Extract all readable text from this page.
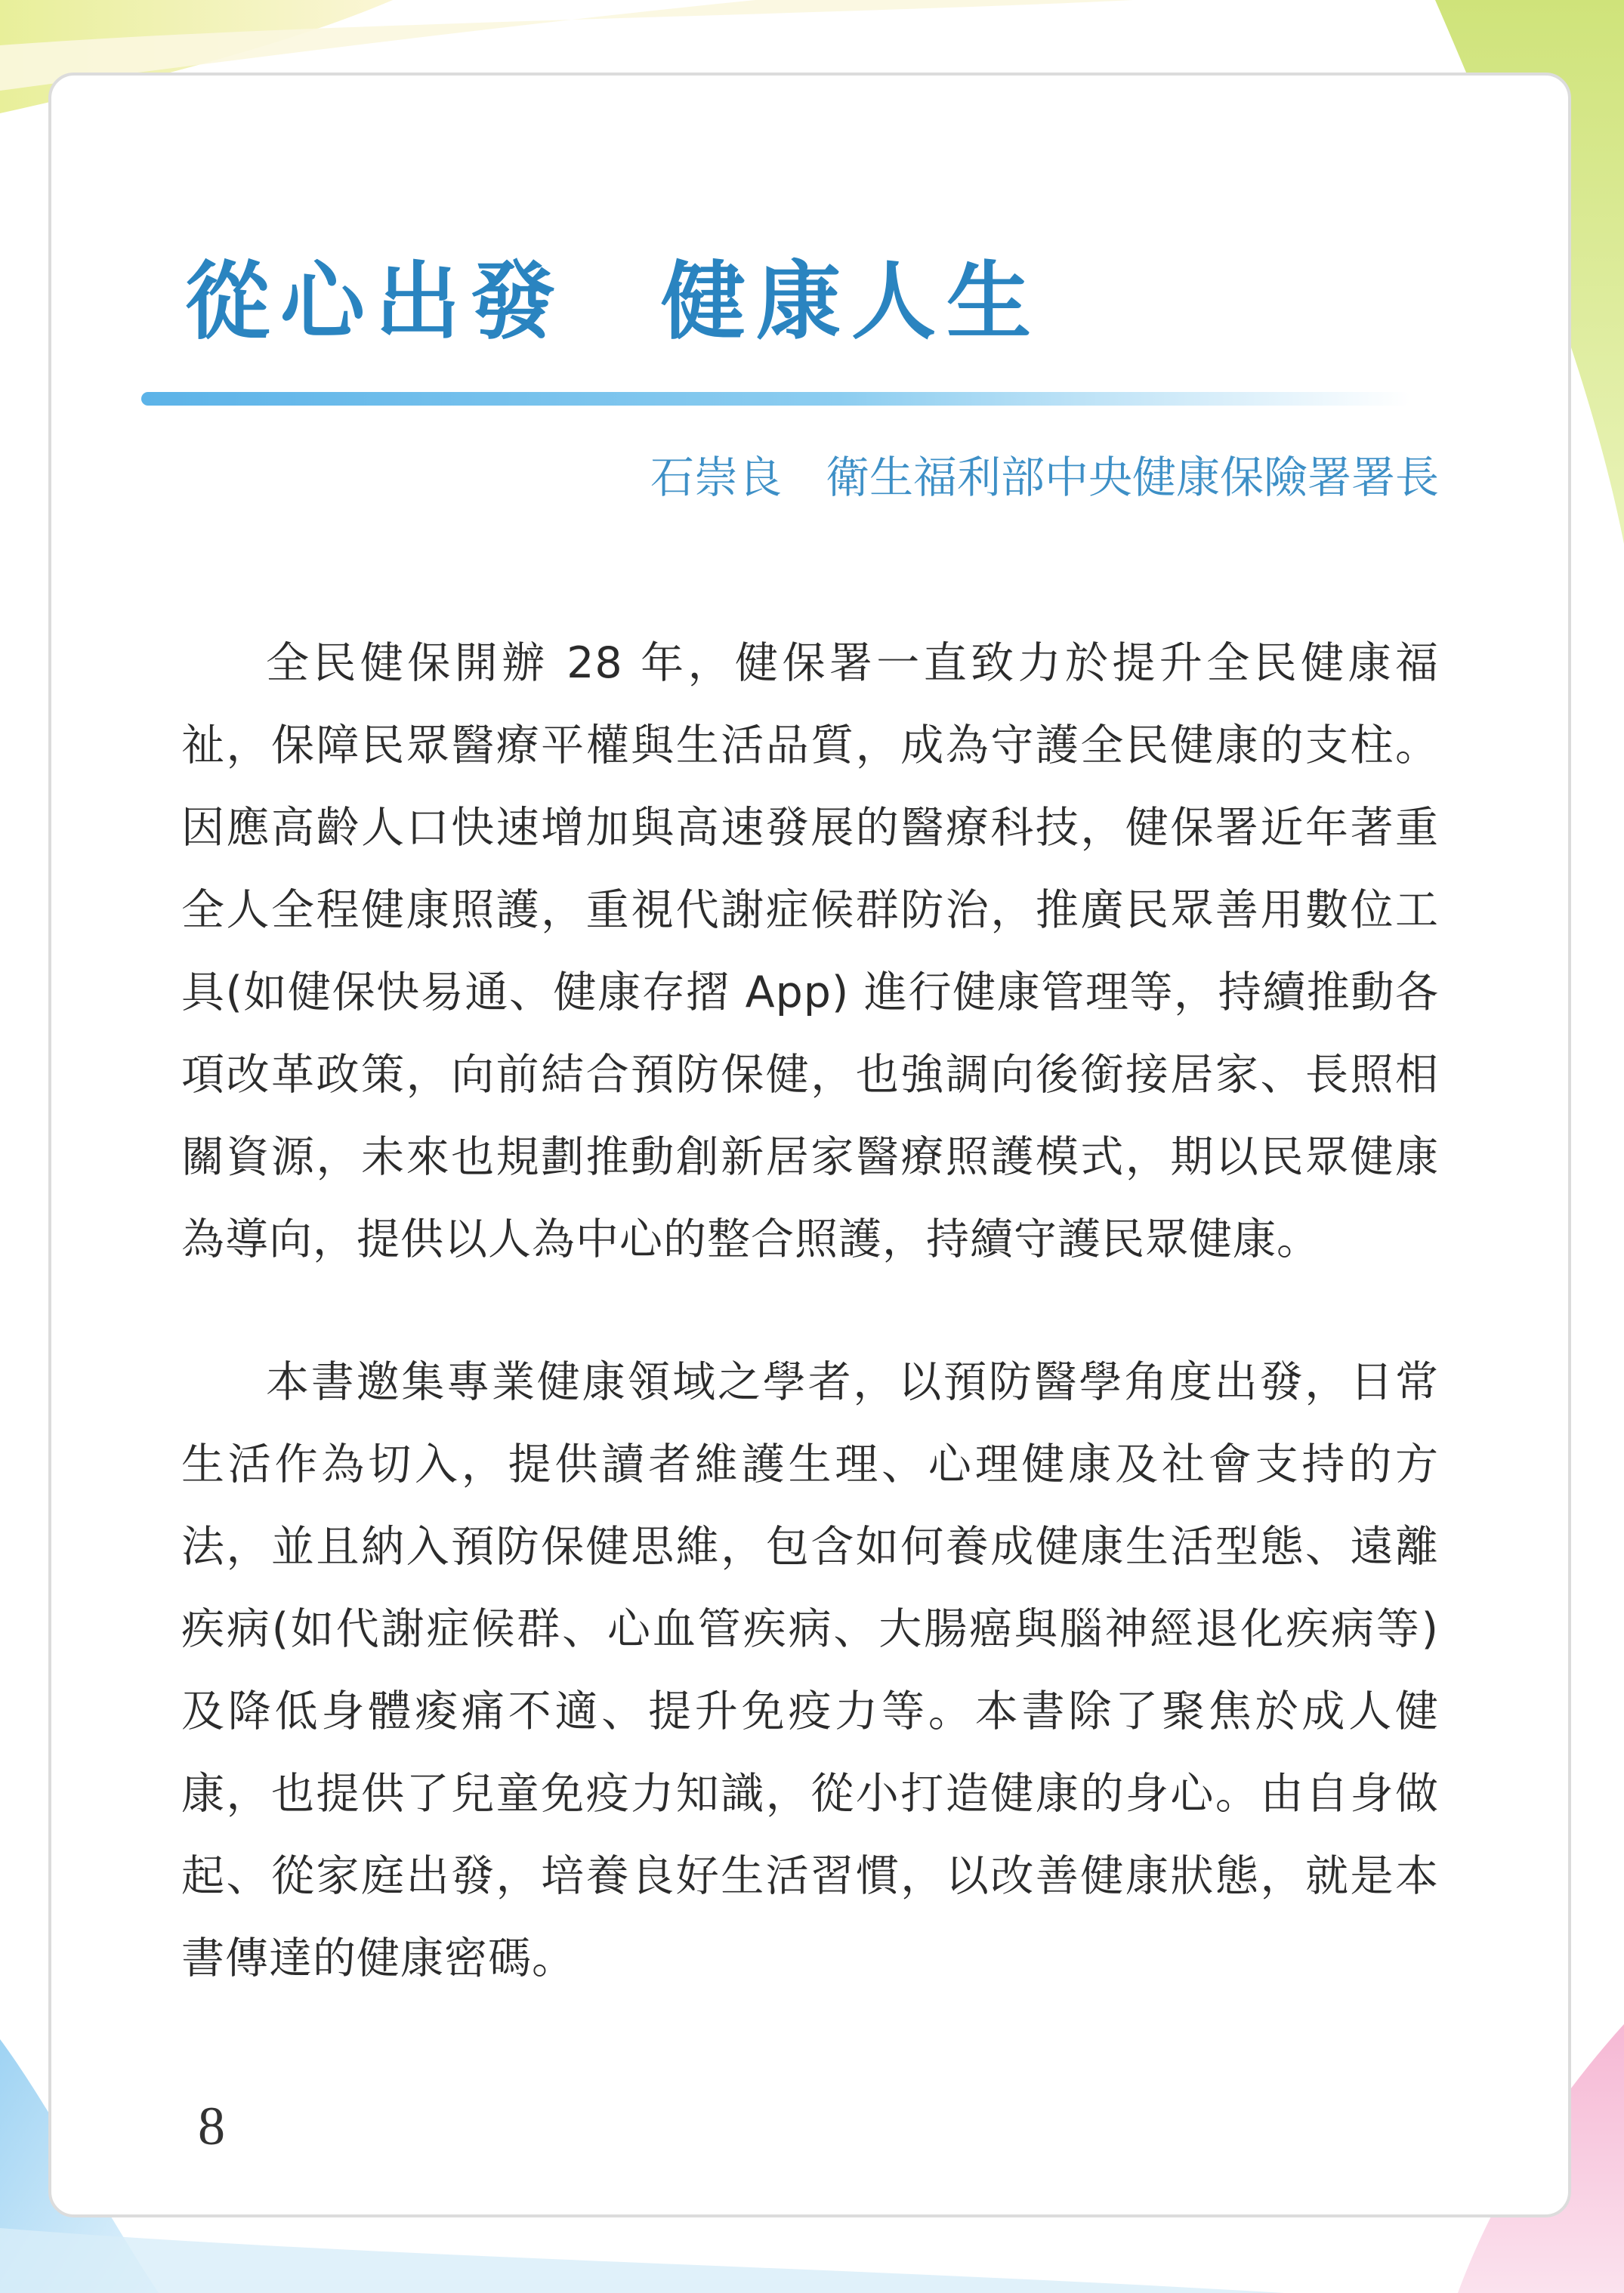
從心出發　健康人生
石崇良　衛生福利部中央健康保險署署長

全民健保開辦 28 年，健保署一直致力於提升全民健康福祉，保障民眾醫療平權與生活品質，成為守護全民健康的支柱。因應高齡人口快速增加與高速發展的醫療科技，健保署近年著重全人全程健康照護，重視代謝症候群防治，推廣民眾善用數位工具(如健保快易通、健康存摺 App) 進行健康管理等，持續推動各項改革政策，向前結合預防保健，也強調向後銜接居家、長照相關資源，未來也規劃推動創新居家醫療照護模式，期以民眾健康為導向，提供以人為中心的整合照護，持續守護民眾健康。

本書邀集專業健康領域之學者，以預防醫學角度出發，日常生活作為切入，提供讀者維護生理、心理健康及社會支持的方法，並且納入預防保健思維，包含如何養成健康生活型態、遠離疾病(如代謝症候群、心血管疾病、大腸癌與腦神經退化疾病等)及降低身體痠痛不適、提升免疫力等。本書除了聚焦於成人健康，也提供了兒童免疫力知識，從小打造健康的身心。由自身做起、從家庭出發，培養良好生活習慣，以改善健康狀態，就是本書傳達的健康密碼。

8
